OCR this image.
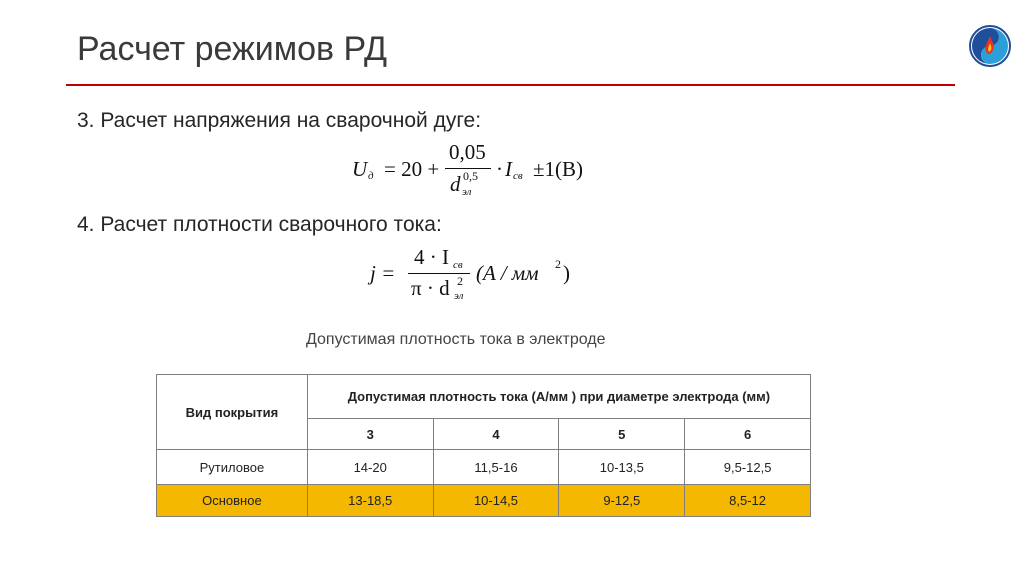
Расчет режимов РД
3. Расчет напряжения на сварочной дуге:
U д = 20 +
0,05
d 0,5
эл
· I св ±1(B)
4. Расчет плотности сварочного тока:
j =
4 · I св
π · d 2
эл
(A / мм 2 )
Допустимая плотность тока в электроде
Вид покрытия	Допустимая плотность тока (А/мм ) при диаметре электрода (мм)			
	3	4	5	6
Рутиловое	14-20	11,5-16	10-13,5	9,5-12,5
Основное	13-18,5	10-14,5	9-12,5	8,5-12
